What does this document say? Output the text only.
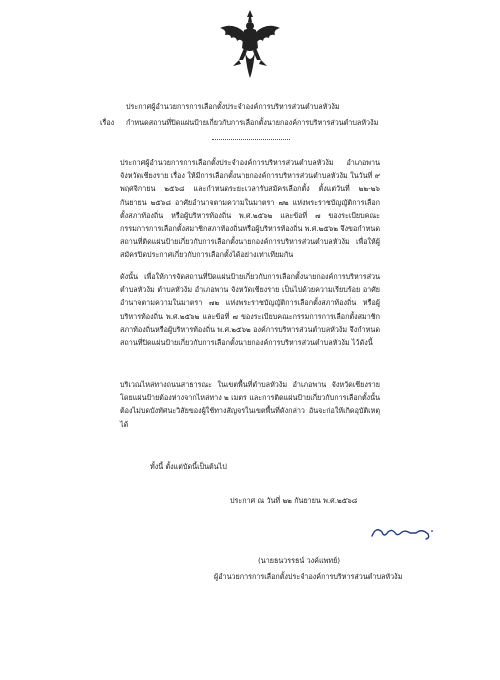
ประกาศผู้อำนวยการการเลือกตั้งประจำองค์การบริหารส่วนตำบลหัวง้ม
เรื่อง กำหนดสถานที่ปิดแผ่นป้ายเกี่ยวกับการเลือกตั้งนายกองค์การบริหารส่วนตำบลหัวง้ม
ประกาศผู้อำนวยการการเลือกตั้งประจำองค์การบริหารส่วนตำบลหัวง้ม อำเภอพาน จังหวัดเชียงราย เรื่อง ให้มีการเลือกตั้งนายกองค์การบริหารส่วนตำบลหัวง้ม ในวันที่ ๙ พฤศจิกายน ๒๕๖๘ และกำหนดระยะเวลารับสมัครเลือกตั้ง ตั้งแต่วันที่ ๒๒-๒๖ กันยายน ๒๕๖๘ อาศัยอำนาจตามความในมาตรา ๗๒ แห่งพระราชบัญญัติการเลือกตั้งสภาท้องถิ่น หรือผู้บริหารท้องถิ่น พ.ศ.๒๕๖๒ และข้อที่ ๗ ของระเบียบคณะกรรมการการเลือกตั้งสมาชิกสภาท้องถิ่นหรือผู้บริหารท้องถิ่น พ.ศ.๒๕๖๒ จึงขอกำหนดสถานที่ติดแผ่นป้ายเกี่ยวกับการเลือกตั้งนายกองค์การบริหารส่วนตำบลหัวง้ม เพื่อให้ผู้สมัครปิดประกาศเกี่ยวกับการเลือกตั้งได้อย่างเท่าเทียมกัน
ดังนั้น เพื่อให้การจัดสถานที่ปิดแผ่นป้ายเกี่ยวกับการเลือกตั้งนายกองค์การบริหารส่วนตำบลหัวง้ม ตำบลหัวง้ม อำเภอพาน จังหวัดเชียงราย เป็นไปด้วยความเรียบร้อย อาศัยอำนาจตามความในมาตรา ๗๒ แห่งพระราชบัญญัติการเลือกตั้งสภาท้องถิ่น หรือผู้บริหารท้องถิ่น พ.ศ.๒๕๖๒ และข้อที่ ๗ ของระเบียบคณะกรรมการการเลือกตั้งสมาชิกสภาท้องถิ่นหรือผู้บริหารท้องถิ่น พ.ศ.๒๕๖๒ องค์การบริหารส่วนตำบลหัวง้ม จึงกำหนดสถานที่ปิดแผ่นป้ายเกี่ยวกับการเลือกตั้งนายกองค์การบริหารส่วนตำบลหัวง้ม ไว้ดังนี้
บริเวณไหล่ทางถนนสาธารณะ ในเขตพื้นที่ตำบลหัวง้ม อำเภอพาน จังหวัดเชียงราย โดยแผ่นป้ายต้องห่างจากไหล่ทาง ๒ เมตร และการติดแผ่นป้ายเกี่ยวกับการเลือกตั้งนั้น ต้องไม่บดบังทัศนะวิสัยของผู้ใช้ทางสัญจรในเขตพื้นที่ดังกล่าว อันจะก่อให้เกิดอุบัติเหตุได้
ทั้งนี้ ตั้งแต่บัดนี้เป็นต้นไป
ประกาศ ณ วันที่ ๒๒ กันยายน พ.ศ.๒๕๖๘
(นายธนวรรธน์ วงค์แพทย์)
ผู้อำนวยการการเลือกตั้งประจำองค์การบริหารส่วนตำบลหัวง้ม
